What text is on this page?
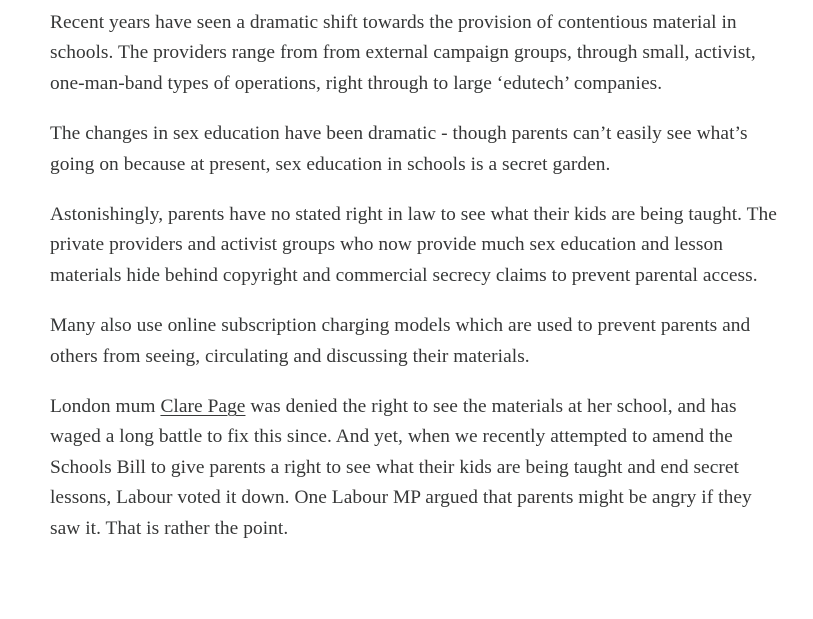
Recent years have seen a dramatic shift towards the provision of contentious material in schools. The providers range from from external campaign groups, through small, activist, one-man-band types of operations, right through to large ‘edutech’ companies.

The changes in sex education have been dramatic - though parents can’t easily see what’s going on because at present, sex education in schools is a secret garden.

Astonishingly, parents have no stated right in law to see what their kids are being taught. The private providers and activist groups who now provide much sex education and lesson materials hide behind copyright and commercial secrecy claims to prevent parental access.

Many also use online subscription charging models which are used to prevent parents and others from seeing, circulating and discussing their materials.

London mum Clare Page was denied the right to see the materials at her school, and has waged a long battle to fix this since. And yet, when we recently attempted to amend the Schools Bill to give parents a right to see what their kids are being taught and end secret lessons, Labour voted it down. One Labour MP argued that parents might be angry if they saw it. That is rather the point.
